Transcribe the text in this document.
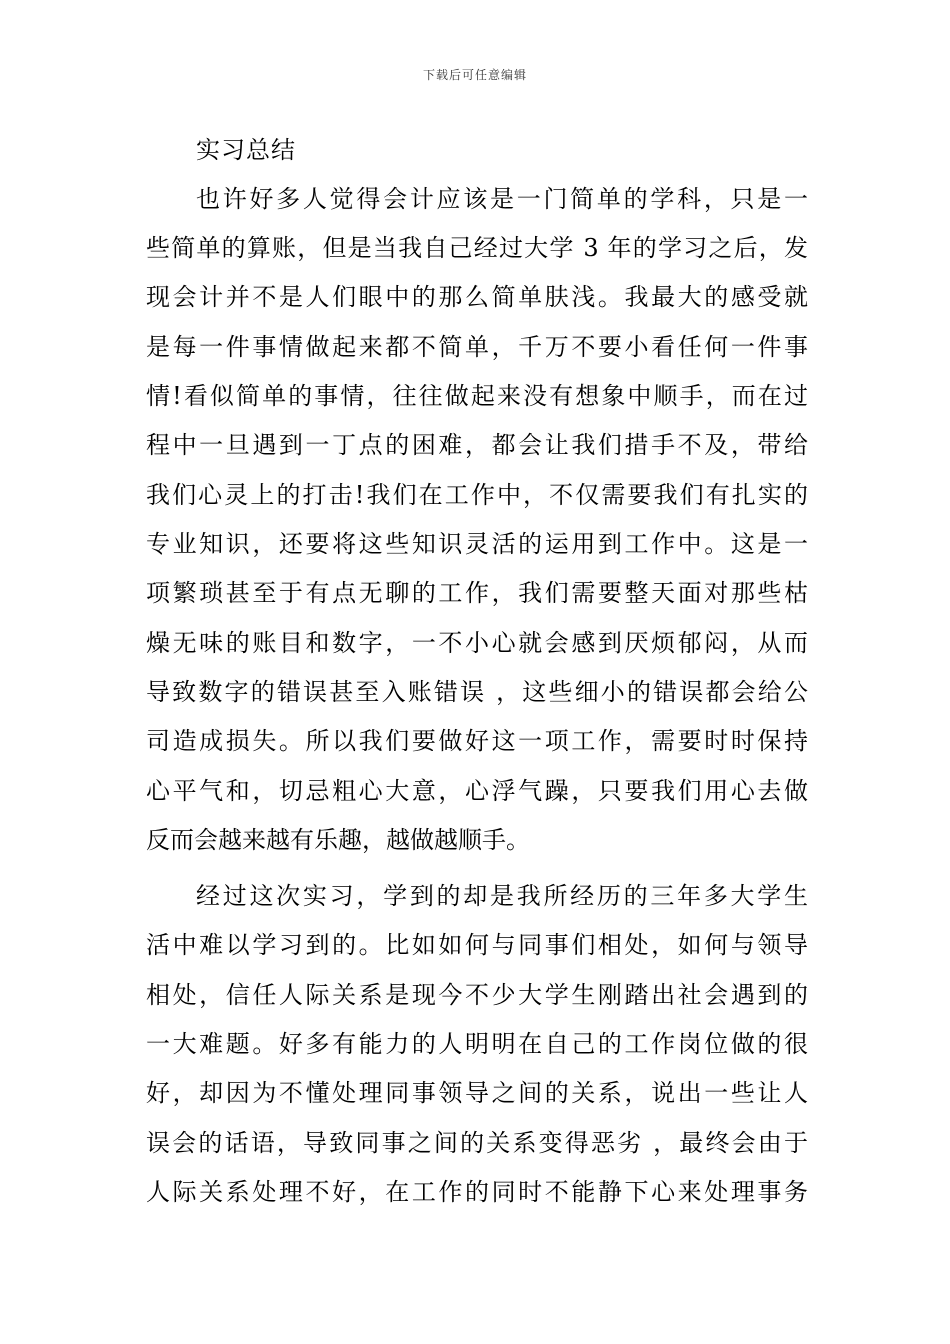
下载后可任意编辑
实习总结
也许好多人觉得会计应该是一门简单的学科，只是一
些简单的算账，但是当我自己经过大学 3 年的学习之后，发
现会计并不是人们眼中的那么简单肤浅。我最大的感受就
是每一件事情做起来都不简单，千万不要小看任何一件事
情!看似简单的事情，往往做起来没有想象中顺手，而在过
程中一旦遇到一丁点的困难，都会让我们措手不及，带给
我们心灵上的打击!我们在工作中，不仅需要我们有扎实的
专业知识，还要将这些知识灵活的运用到工作中。这是一
项繁琐甚至于有点无聊的工作，我们需要整天面对那些枯
燥无味的账目和数字，一不小心就会感到厌烦郁闷，从而
导致数字的错误甚至入账错误 ，这些细小的错误都会给公
司造成损失。所以我们要做好这一项工作，需要时时保持
心平气和，切忌粗心大意，心浮气躁，只要我们用心去做
反而会越来越有乐趣，越做越顺手。
经过这次实习，学到的却是我所经历的三年多大学生
活中难以学习到的。比如如何与同事们相处，如何与领导
相处，信任人际关系是现今不少大学生刚踏出社会遇到的
一大难题。好多有能力的人明明在自己的工作岗位做的很
好，却因为不懂处理同事领导之间的关系，说出一些让人
误会的话语，导致同事之间的关系变得恶劣 ，最终会由于
人际关系处理不好，在工作的同时不能静下心来处理事务
